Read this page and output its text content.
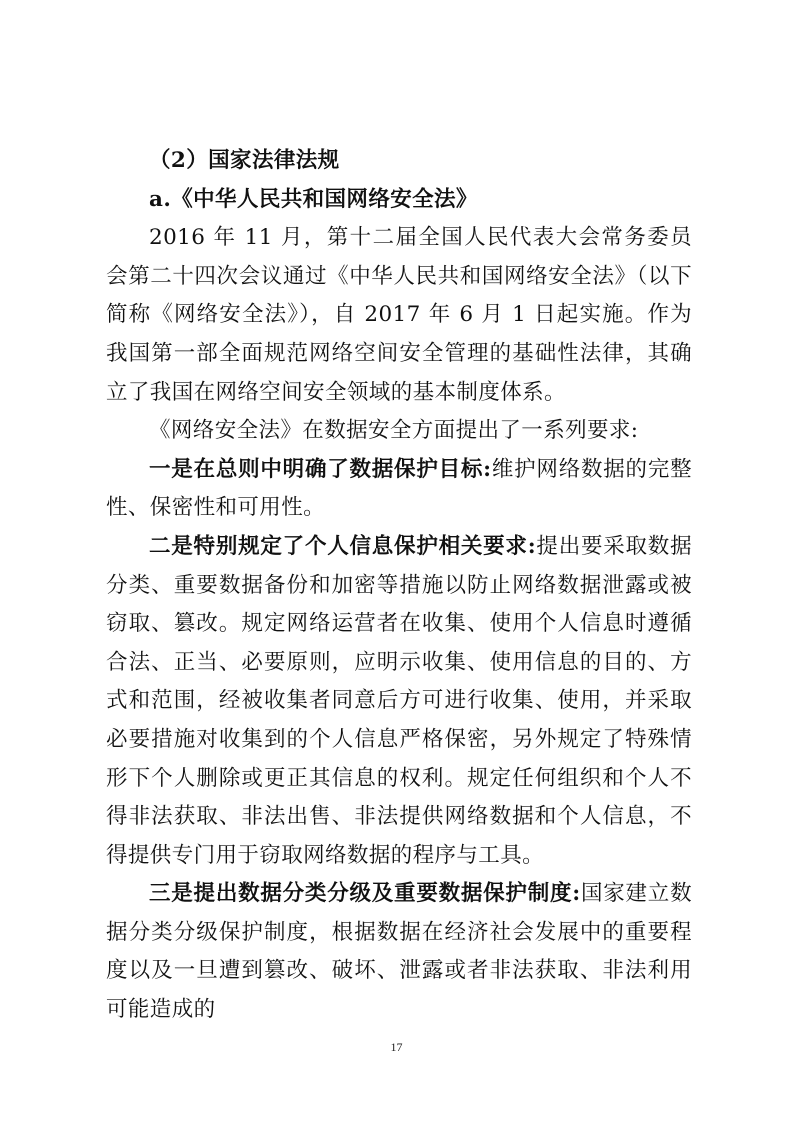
（2）国家法律法规

a.《中华人民共和国网络安全法》

2016 年 11 月，第十二届全国人民代表大会常务委员会第二十四次会议通过《中华人民共和国网络安全法》（以下简称《网络安全法》），自 2017 年 6 月 1 日起实施。作为我国第一部全面规范网络空间安全管理的基础性法律，其确立了我国在网络空间安全领域的基本制度体系。

《网络安全法》在数据安全方面提出了一系列要求:

一是在总则中明确了数据保护目标:维护网络数据的完整性、保密性和可用性。

二是特别规定了个人信息保护相关要求:提出要采取数据分类、重要数据备份和加密等措施以防止网络数据泄露或被窃取、篡改。规定网络运营者在收集、使用个人信息时遵循合法、正当、必要原则，应明示收集、使用信息的目的、方式和范围，经被收集者同意后方可进行收集、使用，并采取必要措施对收集到的个人信息严格保密，另外规定了特殊情形下个人删除或更正其信息的权利。规定任何组织和个人不得非法获取、非法出售、非法提供网络数据和个人信息，不得提供专门用于窃取网络数据的程序与工具。

三是提出数据分类分级及重要数据保护制度:国家建立数据分类分级保护制度，根据数据在经济社会发展中的重要程度以及一旦遭到篡改、破坏、泄露或者非法获取、非法利用可能造成的

17
